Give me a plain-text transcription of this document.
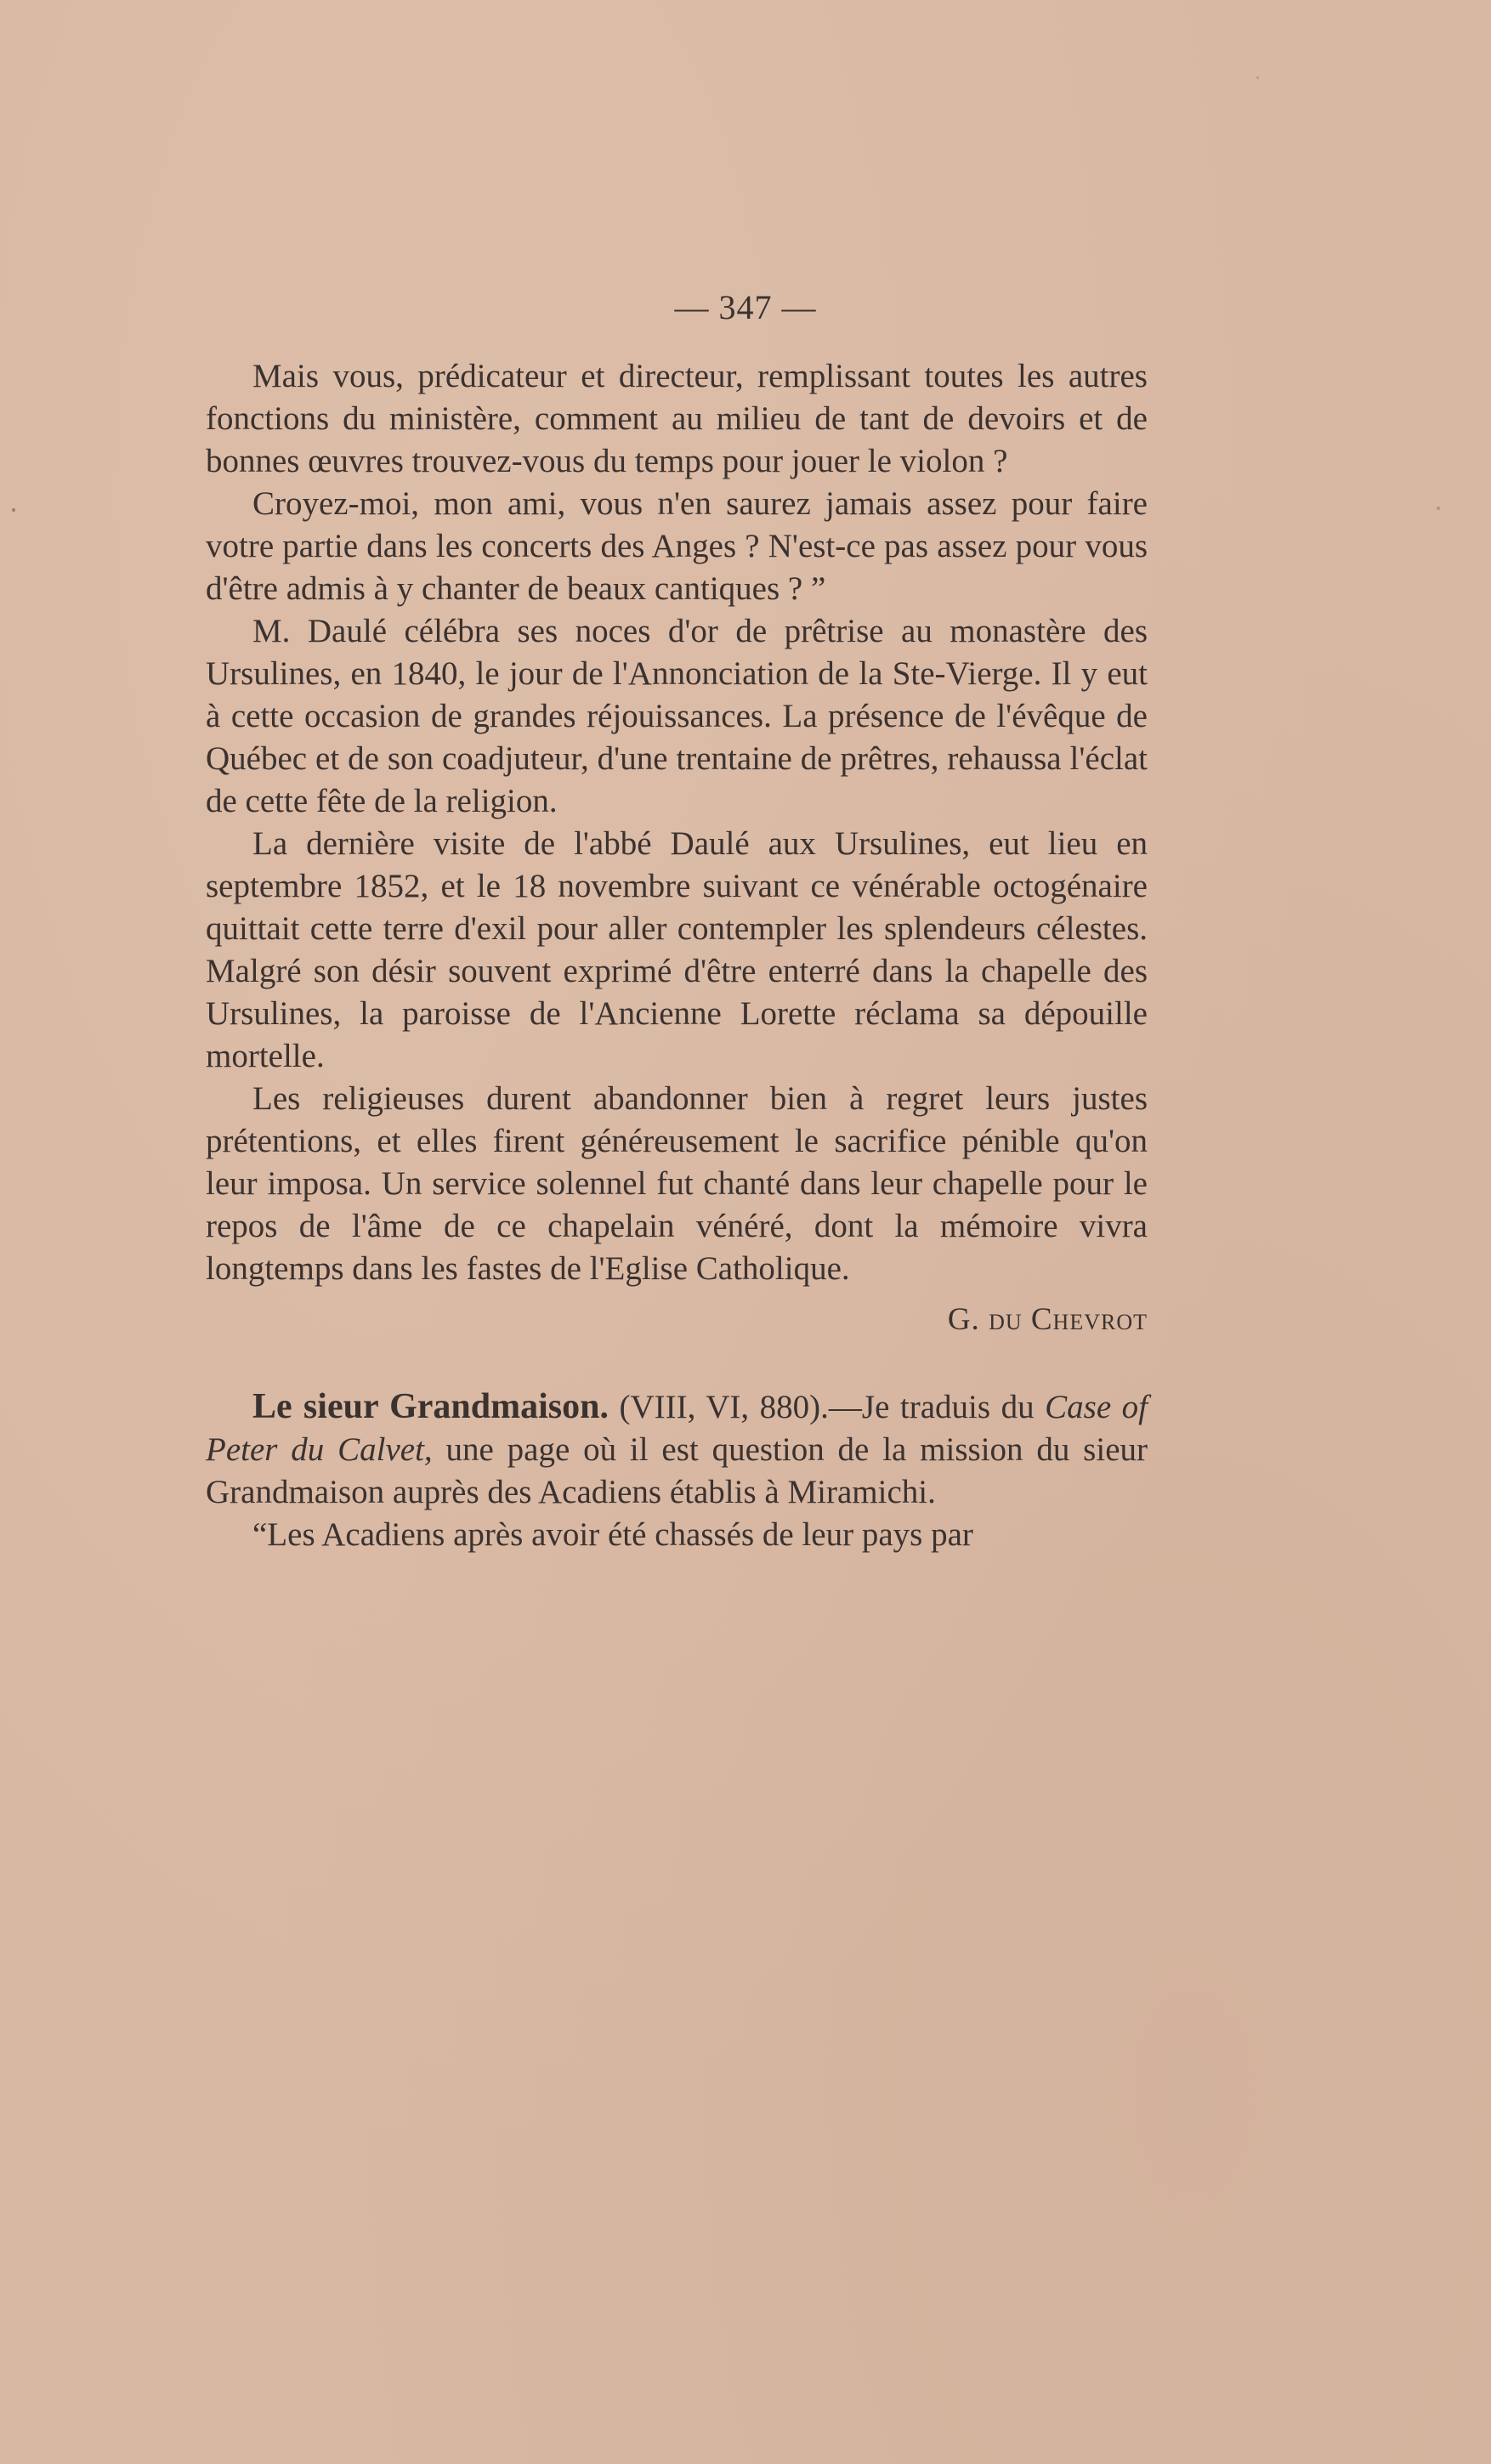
— 347 —

Mais vous, prédicateur et directeur, remplissant toutes les autres fonctions du ministère, comment au milieu de tant de devoirs et de bonnes œuvres trouvez-vous du temps pour jouer le violon ?

Croyez-moi, mon ami, vous n'en saurez jamais assez pour faire votre partie dans les concerts des Anges ? N'est-ce pas assez pour vous d'être admis à y chanter de beaux cantiques ? ”

M. Daulé célébra ses noces d'or de prêtrise au monastère des Ursulines, en 1840, le jour de l'Annonciation de la Ste-Vierge. Il y eut à cette occasion de grandes réjouissances. La présence de l'évêque de Québec et de son coadjuteur, d'une trentaine de prêtres, rehaussa l'éclat de cette fête de la religion.

La dernière visite de l'abbé Daulé aux Ursulines, eut lieu en septembre 1852, et le 18 novembre suivant ce vénérable octogénaire quittait cette terre d'exil pour aller contempler les splendeurs célestes. Malgré son désir souvent exprimé d'être enterré dans la chapelle des Ursulines, la paroisse de l'Ancienne Lorette réclama sa dépouille mortelle.

Les religieuses durent abandonner bien à regret leurs justes prétentions, et elles firent généreusement le sacrifice pénible qu'on leur imposa. Un service solennel fut chanté dans leur chapelle pour le repos de l'âme de ce chapelain vénéré, dont la mémoire vivra longtemps dans les fastes de l'Eglise Catholique.

G. du Chevrot

Le sieur Grandmaison. (VIII, VI, 880).—Je traduis du Case of Peter du Calvet, une page où il est question de la mission du sieur Grandmaison auprès des Acadiens établis à Miramichi.

“Les Acadiens après avoir été chassés de leur pays par
